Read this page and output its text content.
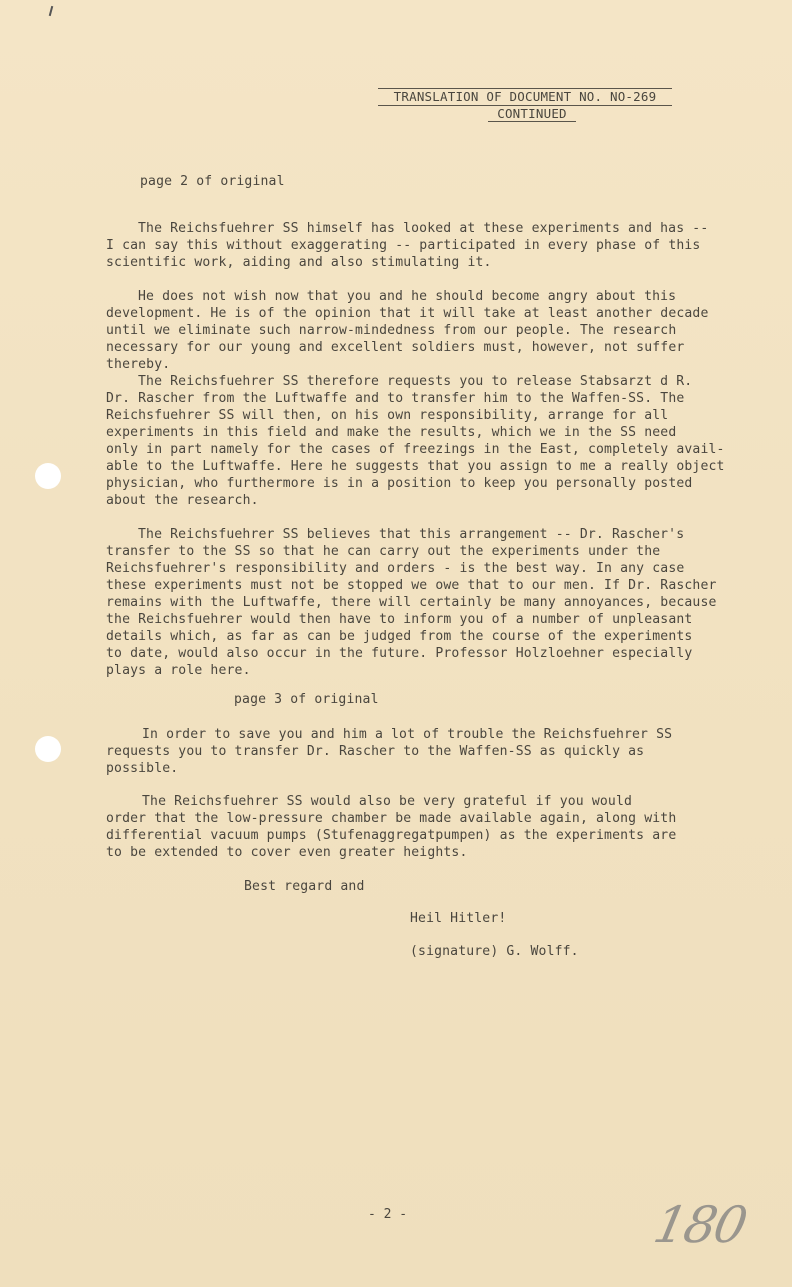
TRANSLATION OF DOCUMENT NO. NO-269
CONTINUED
page 2 of original
The Reichsfuehrer SS himself has looked at these experiments and has --
I can say this without exaggerating -- participated in every phase of this
scientific work, aiding and also stimulating it.
He does not wish now that you and he should become angry about this
development. He is of the opinion that it will take at least another decade
until we eliminate such narrow-mindedness from our people. The research
necessary for our young and excellent soldiers must, however, not suffer
thereby.
The Reichsfuehrer SS therefore requests you to release Stabsarzt d R.
Dr. Rascher from the Luftwaffe and to transfer him to the Waffen-SS. The
Reichsfuehrer SS will then, on his own responsibility, arrange for all
experiments in this field and make the results, which we in the SS need
only in part namely for the cases of freezings in the East, completely avail-
able to the Luftwaffe. Here he suggests that you assign to me a really object
physician, who furthermore is in a position to keep you personally posted
about the research.
The Reichsfuehrer SS believes that this arrangement -- Dr. Rascher's
transfer to the SS so that he can carry out the experiments under the
Reichsfuehrer's responsibility and orders - is the best way. In any case
these experiments must not be stopped we owe that to our men. If Dr. Rascher
remains with the Luftwaffe, there will certainly be many annoyances, because
the Reichsfuehrer would then have to inform you of a number of unpleasant
details which, as far as can be judged from the course of the experiments
to date, would also occur in the future. Professor Holzloehner especially
plays a role here.
page 3 of original
In order to save you and him a lot of trouble the Reichsfuehrer SS
requests you to transfer Dr. Rascher to the Waffen-SS as quickly as
possible.
The Reichsfuehrer SS would also be very grateful if you would
order that the low-pressure chamber be made available again, along with
differential vacuum pumps (Stufenaggregatpumpen) as the experiments are
to be extended to cover even greater heights.
Best regard and
Heil Hitler!
(signature) G. Wolff.
- 2 -	180
